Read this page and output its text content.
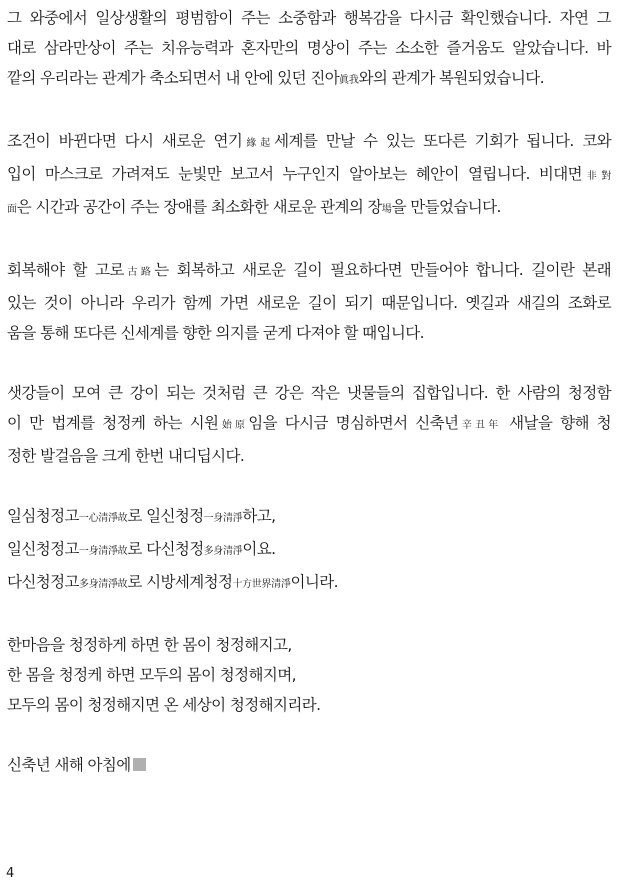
그 와중에서 일상생활의 평범함이 주는 소중함과 행복감을 다시금 확인했습니다. 자연 그
대로 삼라만상이 주는 치유능력과 혼자만의 명상이 주는 소소한 즐거움도 알았습니다. 바
깥의 우리라는 관계가 축소되면서 내 안에 있던 진아眞我와의 관계가 복원되었습니다.

조건이 바뀐다면 다시 새로운 연기緣起세계를 만날 수 있는 또다른 기회가 됩니다. 코와
입이 마스크로 가려져도 눈빛만 보고서 누구인지 알아보는 혜안이 열립니다. 비대면非對
面은 시간과 공간이 주는 장애를 최소화한 새로운 관계의 장場을 만들었습니다.

회복해야 할 고로古路는 회복하고 새로운 길이 필요하다면 만들어야 합니다. 길이란 본래
있는 것이 아니라 우리가 함께 가면 새로운 길이 되기 때문입니다. 옛길과 새길의 조화로
움을 통해 또다른 신세계를 향한 의지를 굳게 다져야 할 때입니다.

샛강들이 모여 큰 강이 되는 것처럼 큰 강은 작은 냇물들의 집합입니다. 한 사람의 청정함
이 만 법계를 청정케 하는 시원始原임을 다시금 명심하면서 신축년辛丑年 새날을 향해 청
정한 발걸음을 크게 한번 내디딥시다.

일심청정고一心清淨故로 일신청정一身清淨하고,
일신청정고一身清淨故로 다신청정多身清淨이요.
다신청정고多身清淨故로 시방세계청정十方世界清淨이니라.
한마음을 청정하게 하면 한 몸이 청정해지고,
한 몸을 청정케 하면 모두의 몸이 청정해지며,
모두의 몸이 청정해지면 온 세상이 청정해지리라.
신축년 새해 아침에
4
